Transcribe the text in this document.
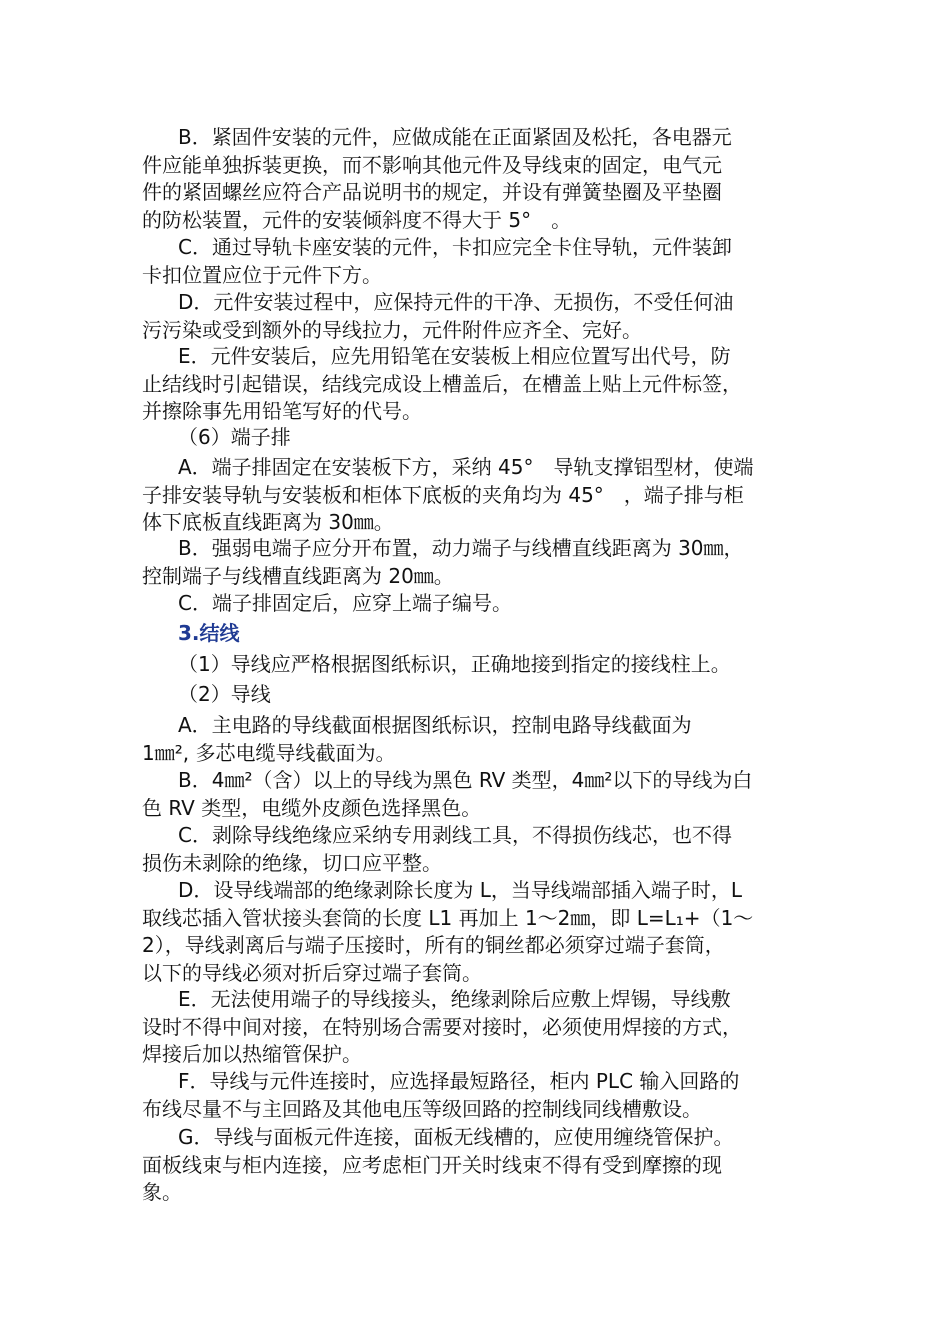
B．紧固件安装的元件，应做成能在正面紧固及松托，各电器元
件应能单独拆装更换，而不影响其他元件及导线束的固定，电气元
件的紧固螺丝应符合产品说明书的规定，并设有弹簧垫圈及平垫圈
的防松装置，元件的安装倾斜度不得大于 5°　。
C．通过导轨卡座安装的元件，卡扣应完全卡住导轨，元件装卸
卡扣位置应位于元件下方。
D．元件安装过程中，应保持元件的干净、无损伤，不受任何油
污污染或受到额外的导线拉力，元件附件应齐全、完好。
E．元件安装后，应先用铅笔在安装板上相应位置写出代号，防
止结线时引起错误，结线完成设上槽盖后，在槽盖上贴上元件标签，
并擦除事先用铅笔写好的代号。
（6）端子排
A．端子排固定在安装板下方，采纳 45°　导轨支撑铝型材，使端
子排安装导轨与安装板和柜体下底板的夹角均为 45°　，端子排与柜
体下底板直线距离为 30㎜。
B．强弱电端子应分开布置，动力端子与线槽直线距离为 30㎜，
控制端子与线槽直线距离为 20㎜。
C．端子排固定后，应穿上端子编号。
3.结线
（1）导线应严格根据图纸标识，正确地接到指定的接线柱上。
（2）导线
A．主电路的导线截面根据图纸标识，控制电路导线截面为
1㎜², 多芯电缆导线截面为。
B．4㎜²（含）以上的导线为黑色 RV 类型，4㎜²以下的导线为白
色 RV 类型，电缆外皮颜色选择黑色。
C．剥除导线绝缘应采纳专用剥线工具，不得损伤线芯，也不得
损伤未剥除的绝缘，切口应平整。
D．设导线端部的绝缘剥除长度为 L，当导线端部插入端子时，L
取线芯插入管状接头套筒的长度 L1 再加上 1～2㎜，即 L=L₁+（1～
2），导线剥离后与端子压接时，所有的铜丝都必须穿过端子套筒，
以下的导线必须对折后穿过端子套筒。
E．无法使用端子的导线接头，绝缘剥除后应敷上焊锡，导线敷
设时不得中间对接，在特别场合需要对接时，必须使用焊接的方式，
焊接后加以热缩管保护。
F．导线与元件连接时，应选择最短路径，柜内 PLC 输入回路的
布线尽量不与主回路及其他电压等级回路的控制线同线槽敷设。
G．导线与面板元件连接，面板无线槽的，应使用缠绕管保护。
面板线束与柜内连接，应考虑柜门开关时线束不得有受到摩擦的现
象。
